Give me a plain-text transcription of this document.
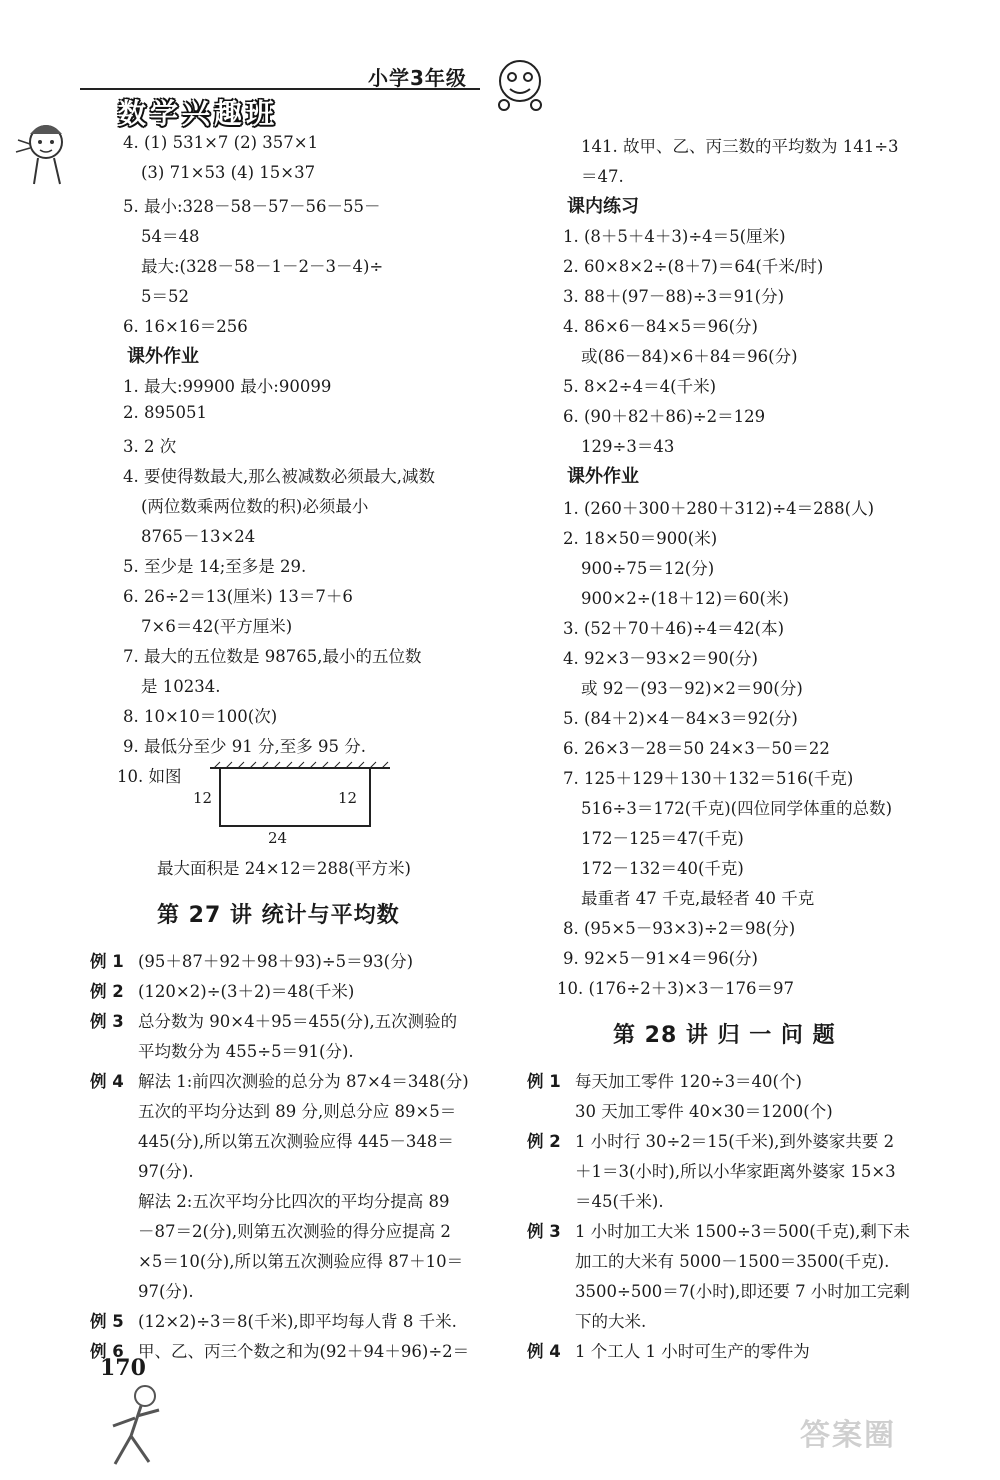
小学3年级
数学兴趣班
4. (1) 531×7 (2) 357×1
(3) 71×53 (4) 15×37
5. 最小:328－58－57－56－55－
54＝48
最大:(328－58－1－2－3－4)÷
5＝52
6. 16×16＝256
课外作业
1. 最大:99900 最小:90099
2. 895051
3. 2 次
4. 要使得数最大,那么被减数必须最大,减数
(两位数乘两位数的积)必须最小
8765－13×24
5. 至少是 14;至多是 29.
6. 26÷2＝13(厘米) 13＝7＋6
7×6＝42(平方厘米)
7. 最大的五位数是 98765,最小的五位数
是 10234.
8. 10×10＝100(次)
9. 最低分至少 91 分,至多 95 分.
10. 如图
最大面积是 24×12＝288(平方米)
第 27 讲 统计与平均数
12	12
24
例 1 (95＋87＋92＋98＋93)÷5＝93(分)
例 2 (120×2)÷(3＋2)＝48(千米)
例 3 总分数为 90×4＋95＝455(分),五次测验的
平均数分为 455÷5＝91(分).
例 4 解法 1:前四次测验的总分为 87×4＝348(分)
五次的平均分达到 89 分,则总分应 89×5＝
445(分),所以第五次测验应得 445－348＝
97(分).
解法 2:五次平均分比四次的平均分提高 89
－87＝2(分),则第五次测验的得分应提高 2
×5＝10(分),所以第五次测验应得 87＋10＝
97(分).
例 5 (12×2)÷3＝8(千米),即平均每人背 8 千米.
例 6 甲、乙、丙三个数之和为(92＋94＋96)÷2＝
141. 故甲、乙、丙三数的平均数为 141÷3
＝47.
课内练习
1. (8＋5＋4＋3)÷4＝5(厘米)
2. 60×8×2÷(8＋7)＝64(千米/时)
3. 88＋(97－88)÷3＝91(分)
4. 86×6－84×5＝96(分)
或(86－84)×6＋84＝96(分)
5. 8×2÷4＝4(千米)
6. (90＋82＋86)÷2＝129
129÷3＝43
课外作业
1. (260＋300＋280＋312)÷4＝288(人)
2. 18×50＝900(米)
900÷75＝12(分)
900×2÷(18＋12)＝60(米)
3. (52＋70＋46)÷4＝42(本)
4. 92×3－93×2＝90(分)
或 92－(93－92)×2＝90(分)
5. (84＋2)×4－84×3＝92(分)
6. 26×3－28＝50 24×3－50＝22
7. 125＋129＋130＋132＝516(千克)
516÷3＝172(千克)(四位同学体重的总数)
172－125＝47(千克)
172－132＝40(千克)
最重者 47 千克,最轻者 40 千克
8. (95×5－93×3)÷2＝98(分)
9. 92×5－91×4＝96(分)
10. (176÷2＋3)×3－176＝97
第 28 讲 归 一 问 题
例 1 每天加工零件 120÷3＝40(个)
30 天加工零件 40×30＝1200(个)
例 2 1 小时行 30÷2＝15(千米),到外婆家共要 2
＋1＝3(小时),所以小华家距离外婆家 15×3
＝45(千米).
例 3 1 小时加工大米 1500÷3＝500(千克),剩下未
加工的大米有 5000－1500＝3500(千克).
3500÷500＝7(小时),即还要 7 小时加工完剩
下的大米.
例 4 1 个工人 1 小时可生产的零件为
170
答案圈
